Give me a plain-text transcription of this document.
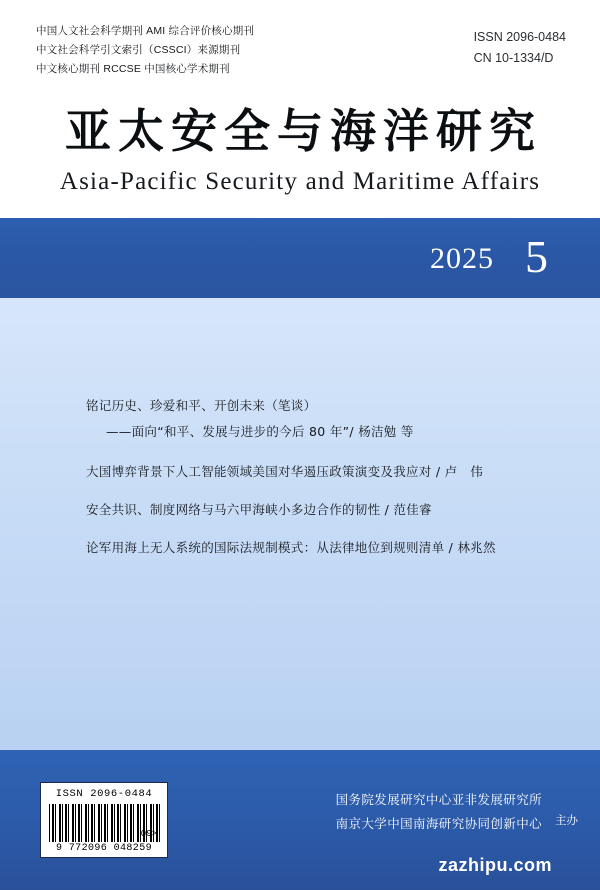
中国人文社会科学期刊 AMI 综合评价核心期刊
中文社会科学引文索引（CSSCI）来源期刊
中文核心期刊 RCCSE 中国核心学术期刊
ISSN 2096-0484
CN 10-1334/D
亚太安全与海洋研究
Asia-Pacific Security and Maritime Affairs
2025 5
铭记历史、珍爱和平、开创未来（笔谈）
——面向“和平、发展与进步的今后 80 年”/ 杨洁勉 等
大国博弈背景下人工智能领域美国对华遏压政策演变及我应对 / 卢　伟
安全共识、制度网络与马六甲海峡小多边合作的韧性 / 范佳睿
论军用海上无人系统的国际法规制模式：从法律地位到规则清单 / 林兆然
ISSN 2096-0484
09>
9 772096 048259
国务院发展研究中心亚非发展研究所
南京大学中国南海研究协同创新中心 主办
zazhipu.com
